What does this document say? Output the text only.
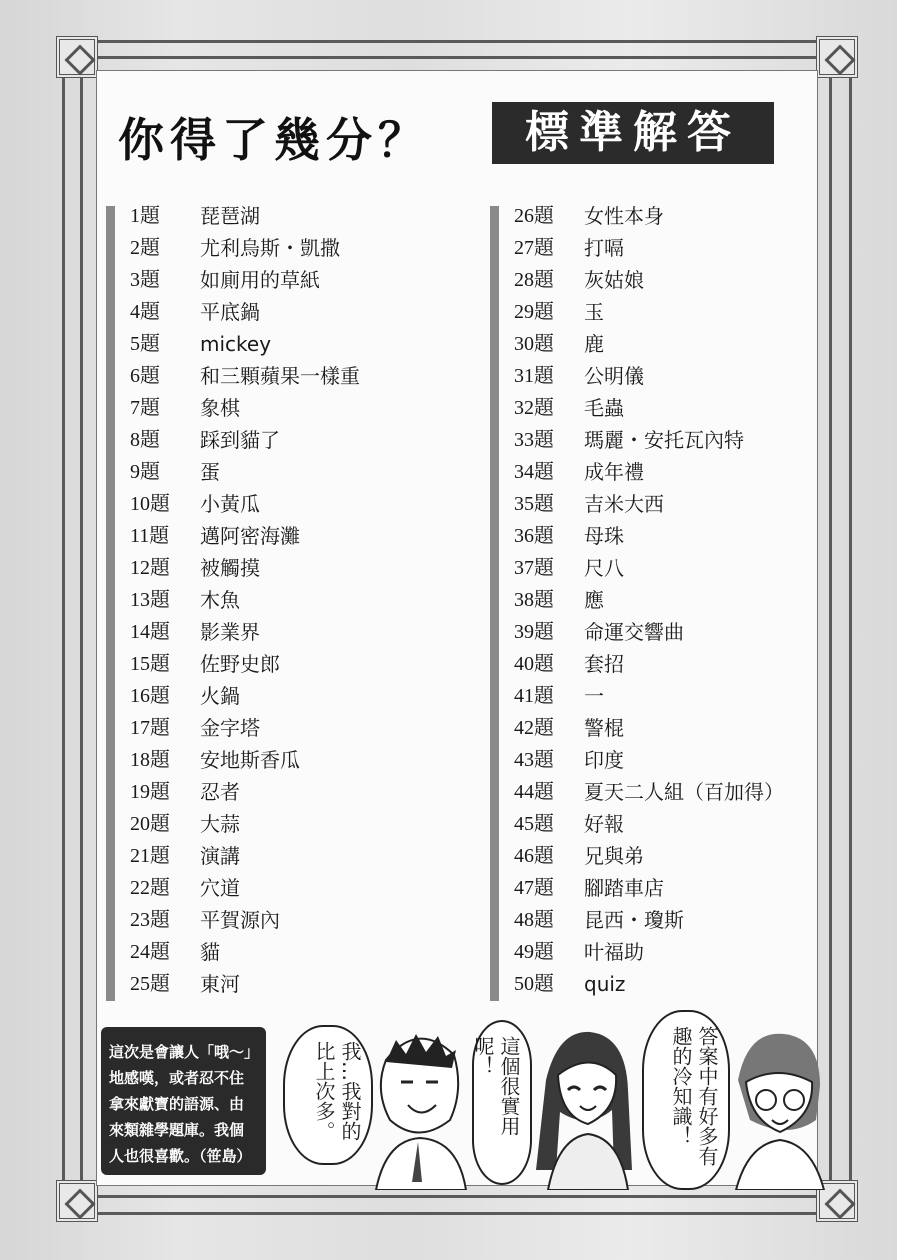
你得了幾分？	標準解答
1題	琵琶湖
2題	尤利烏斯・凱撒
3題	如廁用的草紙
4題	平底鍋
5題	mickey
6題	和三顆蘋果一樣重
7題	象棋
8題	踩到貓了
9題	蛋
10題	小黃瓜
11題	邁阿密海灘
12題	被觸摸
13題	木魚
14題	影業界
15題	佐野史郎
16題	火鍋
17題	金字塔
18題	安地斯香瓜
19題	忍者
20題	大蒜
21題	演講
22題	穴道
23題	平賀源內
24題	貓
25題	東河
26題	女性本身
27題	打嗝
28題	灰姑娘
29題	玉
30題	鹿
31題	公明儀
32題	毛蟲
33題	瑪麗・安托瓦內特
34題	成年禮
35題	吉米大西
36題	母珠
37題	尺八
38題	應
39題	命運交響曲
40題	套招
41題	一
42題	警棍
43題	印度
44題	夏天二人組（百加得）
45題	好報
46題	兄與弟
47題	腳踏車店
48題	昆西・瓊斯
49題	叶福助
50題	quiz
這次是會讓人「哦～」地感嘆，或者忍不住拿來獻寶的語源、由來類雜學題庫。我個人也很喜歡。（笹島）
我…我對的比上次多。	這個很實用呢！	答案中有好多有趣的冷知識！
